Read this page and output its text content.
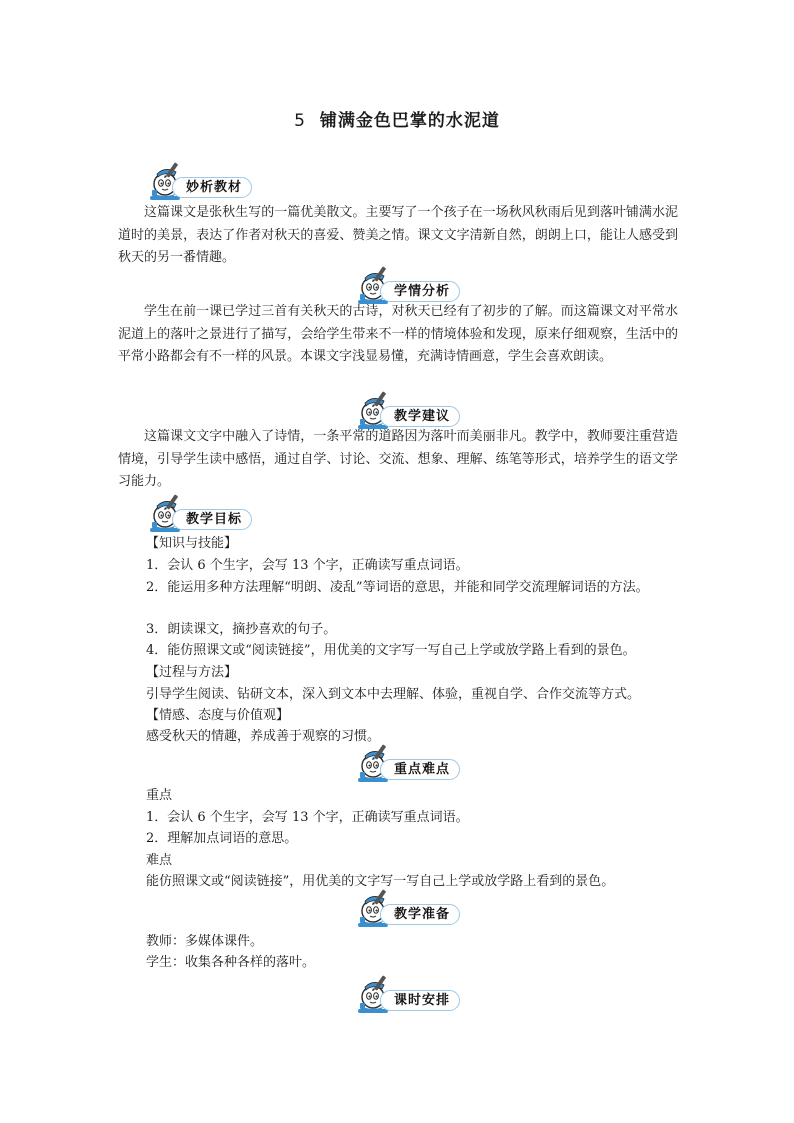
5 铺满金色巴掌的水泥道
妙析教材
这篇课文是张秋生写的一篇优美散文。主要写了一个孩子在一场秋风秋雨后见到落叶铺满水泥道时的美景，表达了作者对秋天的喜爱、赞美之情。课文文字清新自然，朗朗上口，能让人感受到秋天的另一番情趣。
学情分析
学生在前一课已学过三首有关秋天的古诗，对秋天已经有了初步的了解。而这篇课文对平常水泥道上的落叶之景进行了描写，会给学生带来不一样的情境体验和发现，原来仔细观察，生活中的平常小路都会有不一样的风景。本课文字浅显易懂，充满诗情画意，学生会喜欢朗读。
教学建议
这篇课文文字中融入了诗情，一条平常的道路因为落叶而美丽非凡。教学中，教师要注重营造情境，引导学生读中感悟，通过自学、讨论、交流、想象、理解、练笔等形式，培养学生的语文学习能力。
教学目标
【知识与技能】
1．会认 6 个生字，会写 13 个字，正确读写重点词语。
2．能运用多种方法理解“明朗、凌乱”等词语的意思，并能和同学交流理解词语的方法。
3．朗读课文，摘抄喜欢的句子。
4．能仿照课文或“阅读链接”，用优美的文字写一写自己上学或放学路上看到的景色。
【过程与方法】
引导学生阅读、钻研文本，深入到文本中去理解、体验，重视自学、合作交流等方式。
【情感、态度与价值观】
感受秋天的情趣，养成善于观察的习惯。
重点难点
重点
1．会认 6 个生字，会写 13 个字，正确读写重点词语。
2．理解加点词语的意思。
难点
能仿照课文或“阅读链接”，用优美的文字写一写自己上学或放学路上看到的景色。
教学准备
教师：多媒体课件。
学生：收集各种各样的落叶。
课时安排
